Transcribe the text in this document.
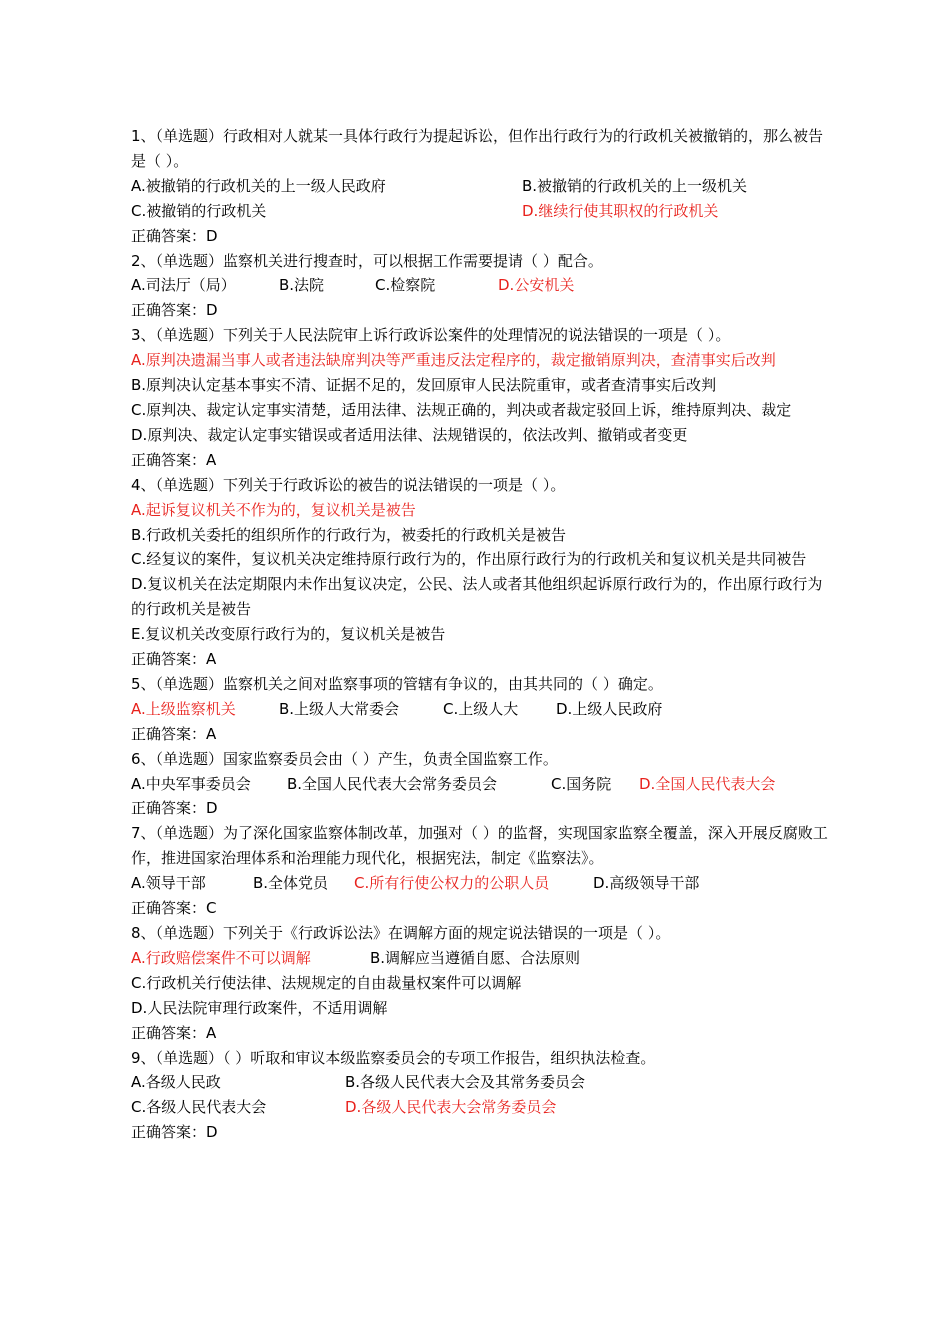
1、（单选题）行政相对人就某一具体行政行为提起诉讼，但作出行政行为的行政机关被撤销的，那么被告是（ ）。
A.被撤销的行政机关的上一级人民政府	B.被撤销的行政机关的上一级机关
C.被撤销的行政机关	D.继续行使其职权的行政机关
正确答案：D
2、（单选题）监察机关进行搜查时，可以根据工作需要提请（ ）配合。
A.司法厅（局）	B.法院	C.检察院	D.公安机关
正确答案：D
3、（单选题）下列关于人民法院审上诉行政诉讼案件的处理情况的说法错误的一项是（ ）。
A.原判决遗漏当事人或者违法缺席判决等严重违反法定程序的，裁定撤销原判决，查清事实后改判
B.原判决认定基本事实不清、证据不足的，发回原审人民法院重审，或者查清事实后改判
C.原判决、裁定认定事实清楚，适用法律、法规正确的，判决或者裁定驳回上诉，维持原判决、裁定
D.原判决、裁定认定事实错误或者适用法律、法规错误的，依法改判、撤销或者变更
正确答案：A
4、（单选题）下列关于行政诉讼的被告的说法错误的一项是（ ）。
A.起诉复议机关不作为的，复议机关是被告
B.行政机关委托的组织所作的行政行为，被委托的行政机关是被告
C.经复议的案件，复议机关决定维持原行政行为的，作出原行政行为的行政机关和复议机关是共同被告
D.复议机关在法定期限内未作出复议决定，公民、法人或者其他组织起诉原行政行为的，作出原行政行为的行政机关是被告
E.复议机关改变原行政行为的，复议机关是被告
正确答案：A
5、（单选题）监察机关之间对监察事项的管辖有争议的，由其共同的（ ）确定。
A.上级监察机关	B.上级人大常委会	C.上级人大	D.上级人民政府
正确答案：A
6、（单选题）国家监察委员会由（ ）产生，负责全国监察工作。
A.中央军事委员会	B.全国人民代表大会常务委员会	C.国务院	D.全国人民代表大会
正确答案：D
7、（单选题）为了深化国家监察体制改革，加强对（ ）的监督，实现国家监察全覆盖，深入开展反腐败工作，推进国家治理体系和治理能力现代化，根据宪法，制定《监察法》。
A.领导干部	B.全体党员	C.所有行使公权力的公职人员	D.高级领导干部
正确答案：C
8、（单选题）下列关于《行政诉讼法》在调解方面的规定说法错误的一项是（ ）。
A.行政赔偿案件不可以调解	B.调解应当遵循自愿、合法原则
C.行政机关行使法律、法规规定的自由裁量权案件可以调解
D.人民法院审理行政案件，不适用调解
正确答案：A
9、（单选题）（ ）听取和审议本级监察委员会的专项工作报告，组织执法检查。
A.各级人民政	B.各级人民代表大会及其常务委员会
C.各级人民代表大会	D.各级人民代表大会常务委员会
正确答案：D
